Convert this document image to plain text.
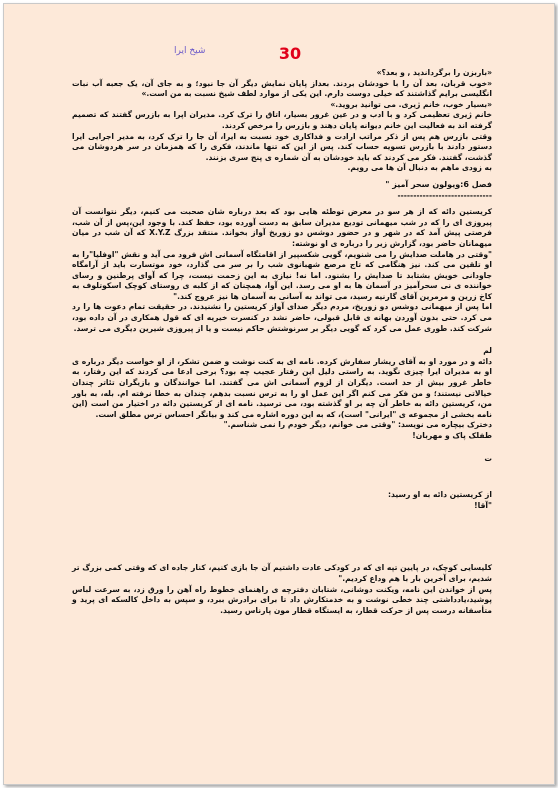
شیخ ایرا	30

«باربزن را برگرداندید , و بعد؟»

«خوب قربان، بعد آن را با خودشان بردند. بعداز پایان نمایش دیگر آن جا نبود؛ و به جای آن، یک جعبه آب نبات انگلیسی برایم گذاشتند که خیلی دوست دارم. این یکی از موارد لطف شیخ نسبت به من است.»

«بسیار خوب، خانم ژیری. می توانید بروید.»

خانم ژیری تعظیمی کرد و با ادب و در عین غرور بسیار، اتاق را ترک کرد. مدیران اپرا به بازرس گفتند که تصمیم گرفته اند به فعالیت این خانم دیوانه پایان دهند و بازرس را مرخص کردند.

وقتی بازرس هم پس از ذکر مراتب ارادت و فداکاری خود نسبت به ایرا، آن جا را ترک کرد، به مدیر اجرایی ایرا دستور دادند با بازرس تسویه حساب کند. پس از این که تنها ماندند، فکری را که همزمان در سر هردوشان می گذشت، گفتند. فکر می کردند که باید خودشان به آن شماره ی پنج سری بزنند.

به زودی ماهم به دنبال آن ها می رویم.

فصل 6:ویولون سحر آمیز "

------------------------------

کریستین دائه که از هر سو در معرض توطئه هایی بود که بعد درباره شان صحبت می کنیم، دیگر نتوانست آن پیروزی ای را که در شب میهمانی تودیع مدیران سابق به دست آورده بود، حفظ کند. با وجود این،پس از آن شب، فرصتی پیش آمد که در شهر و در حضور دوشس دو زوریخ آواز بخواند. منتقد بزرگ X.Y.Z که آن شب در میان میهمانان حاضر بود، گزارش زیر را درباره ی او نوشته:

"وقتی در هاملت صدایش را می شنویم، گویی شکسپیر از اقامتگاه آسمانی اش فرود می آید و نقش "اوفلیا"را به او تلقین می کند. نیز هنگامی که تاج مرصع شهبانوی شب را بر سر می گذارد، خود موتسارت باید از آرامگاه جاودانی خویش بشتابد تا صدایش را بشنود. اما نه! نیازی به این زحمت نیست، چرا که آوای پرطنین و رسای خواننده ی نی سحرآمیز در آسمان ها به او می رسد. این آوا، همچنان که از کلبه ی روستای کوچک اسکوتلوف به کاخ زرین و مرمرین آقای گارنیه رسید، می تواند به آسانی به آسمان ها نیز عروج کند."

اما پس از میهمانی دوشس دو زوریخ، مردم دیگر صدای آواز کریستین را نشنیدند. در حقیقت تمام دعوت ها را رد می کرد. حتی بدون آوردن بهانه ی قابل قبولی، حاضر نشد در کنسرت خیریه ای که قول همکاری در آن داده بود، شرکت کند. طوری عمل می کرد که گویی دیگر بر سرنوشتش حاکم نیست و یا از پیروزی شیرین دیگری می ترسد.

لم

دائه و در مورد او به آقای ریشار سفارش کرده. نامه ای به کنت نوشت و ضمن تشکر، از او خواست دیگر درباره ی او به مدیران ایرا چیزی نگوید. به راستی دلیل این رفتار عجیب چه بود؟ برخی ادعا می کردند که این رفتار، به خاطر غرور بیش از حد است. دیگران از لزوم آسمانی اش می گفتند. اما خوانندگان و بازیگران تئاتر چندان خیالاتی نیستند؛ و من فکر می کنم اگر این عمل او را به ترس نسبت بدهم، چندان به خطا نرفته ام. بله، به باور من، کریستین دائه به خاطر آن چه بر او گذشته بود، می ترسید. نامه ای از کریستین دائه در اختیار من است (این نامه بخشی از مجموعه ی "ایرانی" است)، که به این دوره اشاره می کند و بیانگر احساس ترس مطلق است.

دخترک بیچاره می نویسد: "وقتی می خوانم، دیگر خودم را نمی شناسم."

طفلک پاک و مهربان!

ت

از کریستین دائه به او رسید:

"آقا!

کلیسایی کوچک، در پایین تپه ای که در کودکی عادت داشتیم آن جا بازی کنیم، کنار جاده ای که وقتی کمی بزرگ تر شدیم، برای آخرین بار با هم وداع کردیم."

پس از خواندن این نامه، ویکنت دوشانی، شتابان دفترچه ی راهنمای خطوط راه آهن را ورق زد، به سرعت لباس پوشید،یادداشتی چند خطی نوشت و به خدمتکارش داد تا برای برادرش ببرد، و سپس به داخل کالسکه ای پرید و متأسفانه درست پس از حرکت قطار، به ایستگاه قطار مون پارناس رسید.
